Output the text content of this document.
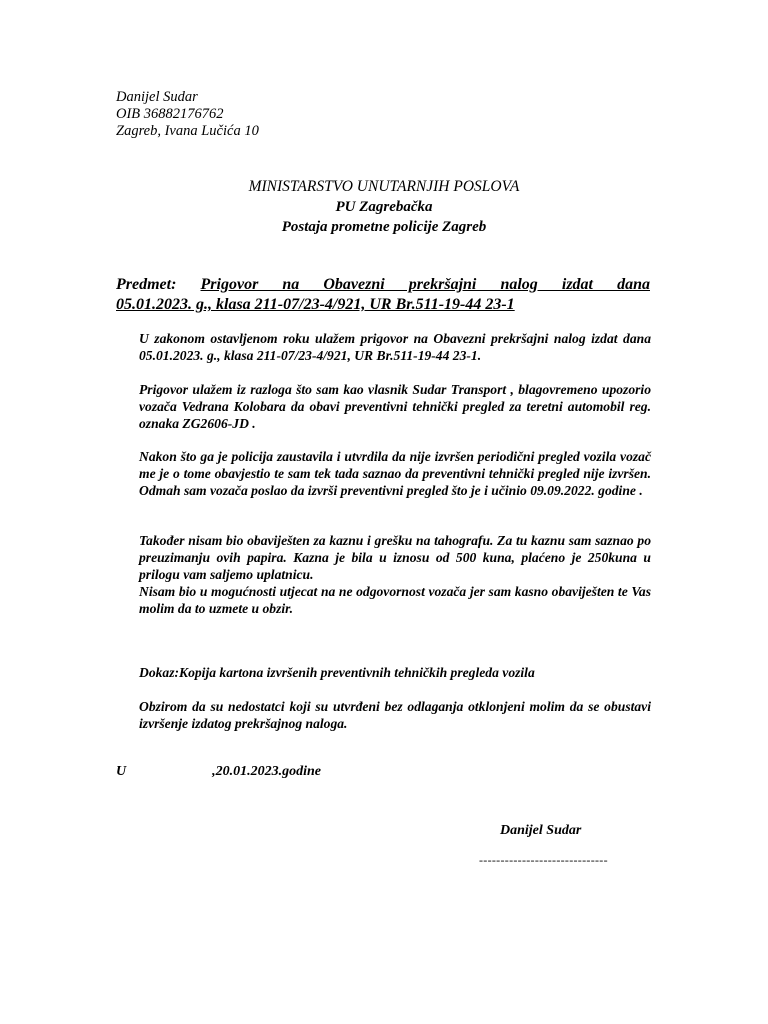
Danijel Sudar
OIB 36882176762
Zagreb, Ivana Lučića 10
MINISTARSTVO UNUTARNJIH POSLOVA
PU Zagrebačka
Postaja prometne policije Zagreb
Predmet: Prigovor na Obavezni prekršajni nalog izdat dana
05.01.2023. g., klasa 211-07/23-4/921, UR Br.511-19-44 23-1
U zakonom ostavljenom roku ulažem prigovor na Obavezni prekršajni nalog izdat dana 05.01.2023. g., klasa 211-07/23-4/921, UR Br.511-19-44 23-1.
Prigovor ulažem iz razloga što sam kao vlasnik Sudar Transport , blagovremeno upozorio vozača Vedrana Kolobara da obavi preventivni tehnički pregled za teretni automobil reg. oznaka ZG2606-JD .
Nakon što ga je policija zaustavila i utvrdila da nije izvršen periodični pregled vozila vozač me je o tome obavjestio te sam tek tada saznao da preventivni tehnički pregled nije izvršen. Odmah sam vozača poslao da izvrši preventivni pregled što je i učinio 09.09.2022. godine .
Također nisam bio obaviješten za kaznu i grešku na tahografu. Za tu kaznu sam saznao po preuzimanju ovih papira. Kazna je bila u iznosu od 500 kuna, plaćeno je 250kuna u prilogu vam saljemo uplatnicu.
Nisam bio u mogućnosti utjecat na ne odgovornost vozača jer sam kasno obaviješten te Vas molim da to uzmete u obzir.
Dokaz:Kopija kartona izvršenih preventivnih tehničkih pregleda vozila
Obzirom da su nedostatci koji su utvrđeni bez odlaganja otklonjeni molim da se obustavi izvršenje izdatog prekršajnog naloga.
U	,20.01.2023.godine
Danijel Sudar
------------------------------
